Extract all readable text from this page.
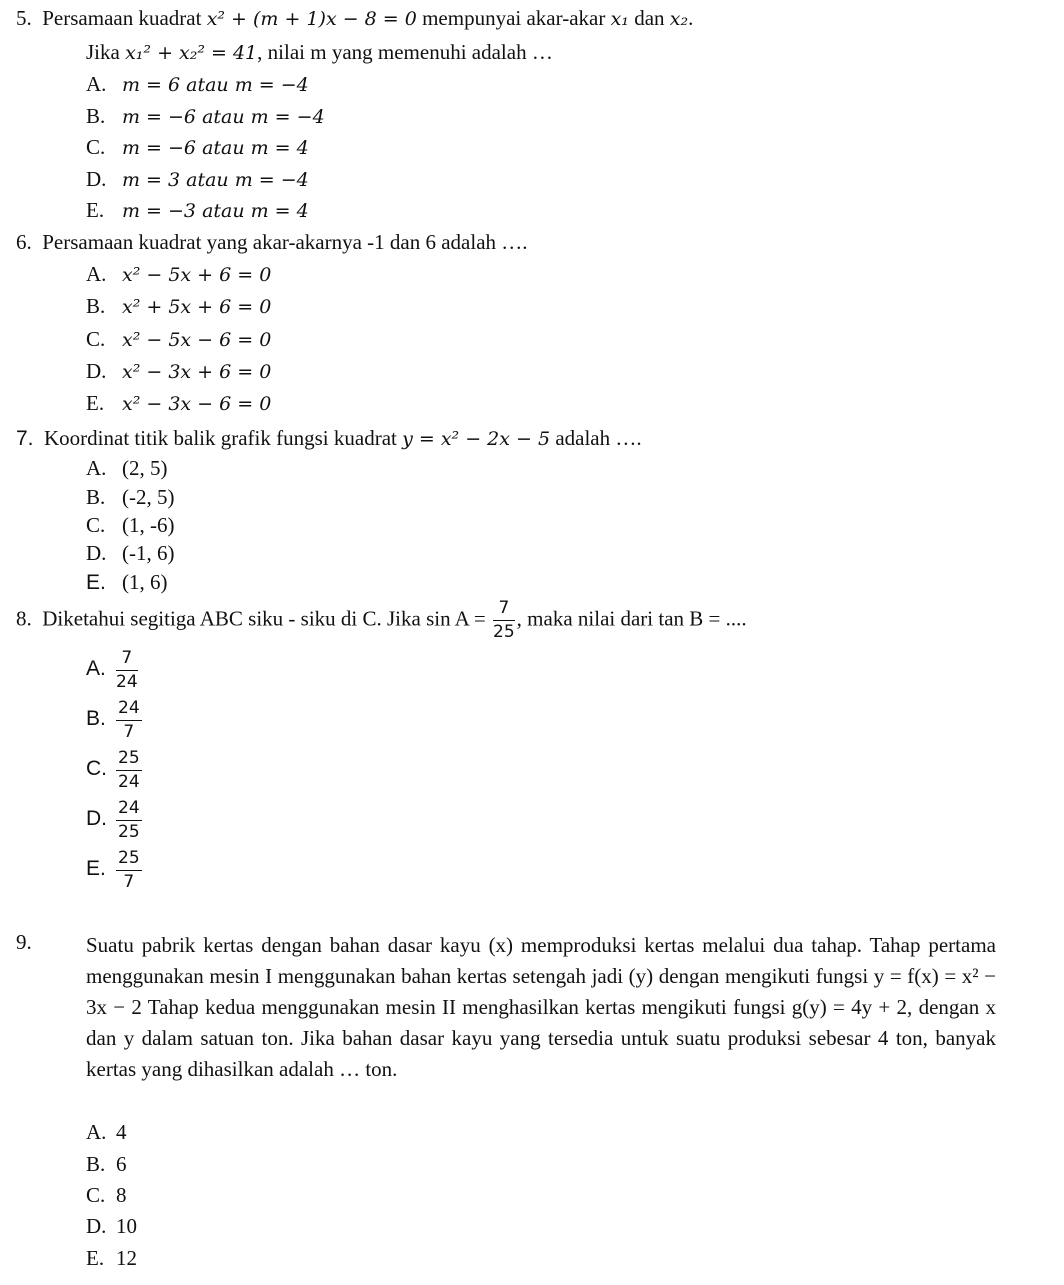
5. Persamaan kuadrat x² + (m + 1)x − 8 = 0 mempunyai akar-akar x₁ dan x₂.
Jika x₁² + x₂² = 41, nilai m yang memenuhi adalah …
A. m = 6 atau m = −4
B. m = −6 atau m = −4
C. m = −6 atau m = 4
D. m = 3 atau m = −4
E. m = −3 atau m = 4
6. Persamaan kuadrat yang akar-akarnya -1 dan 6 adalah ….
A. x² − 5x + 6 = 0
B. x² + 5x + 6 = 0
C. x² − 5x − 6 = 0
D. x² − 3x + 6 = 0
E. x² − 3x − 6 = 0
7. Koordinat titik balik grafik fungsi kuadrat y = x² − 2x − 5 adalah ….
A. (2, 5)
B. (-2, 5)
C. (1, -6)
D. (-1, 6)
E. (1, 6)
8. Diketahui segitiga ABC siku - siku di C. Jika $\sin A = \frac{7}{25}$ , maka nilai dari tan B = ....
A. $\frac{7}{24}$
B. $\frac{24}{7}$
C. $\frac{25}{24}$
D. $\frac{24}{25}$
E. $\frac{25}{7}$
9.	Suatu pabrik kertas dengan bahan dasar kayu (x) memproduksi kertas melalui dua tahap. Tahap pertama menggunakan mesin I menggunakan bahan kertas setengah jadi (y) dengan mengikuti fungsi y = f(x) = x² − 3x − 2 Tahap kedua menggunakan mesin II menghasilkan kertas mengikuti fungsi g(y) = 4y + 2, dengan x dan y dalam satuan ton. Jika bahan dasar kayu yang tersedia untuk suatu produksi sebesar 4 ton, banyak kertas yang dihasilkan adalah … ton.
A. 4
B. 6
C. 8
D. 10
E. 12
